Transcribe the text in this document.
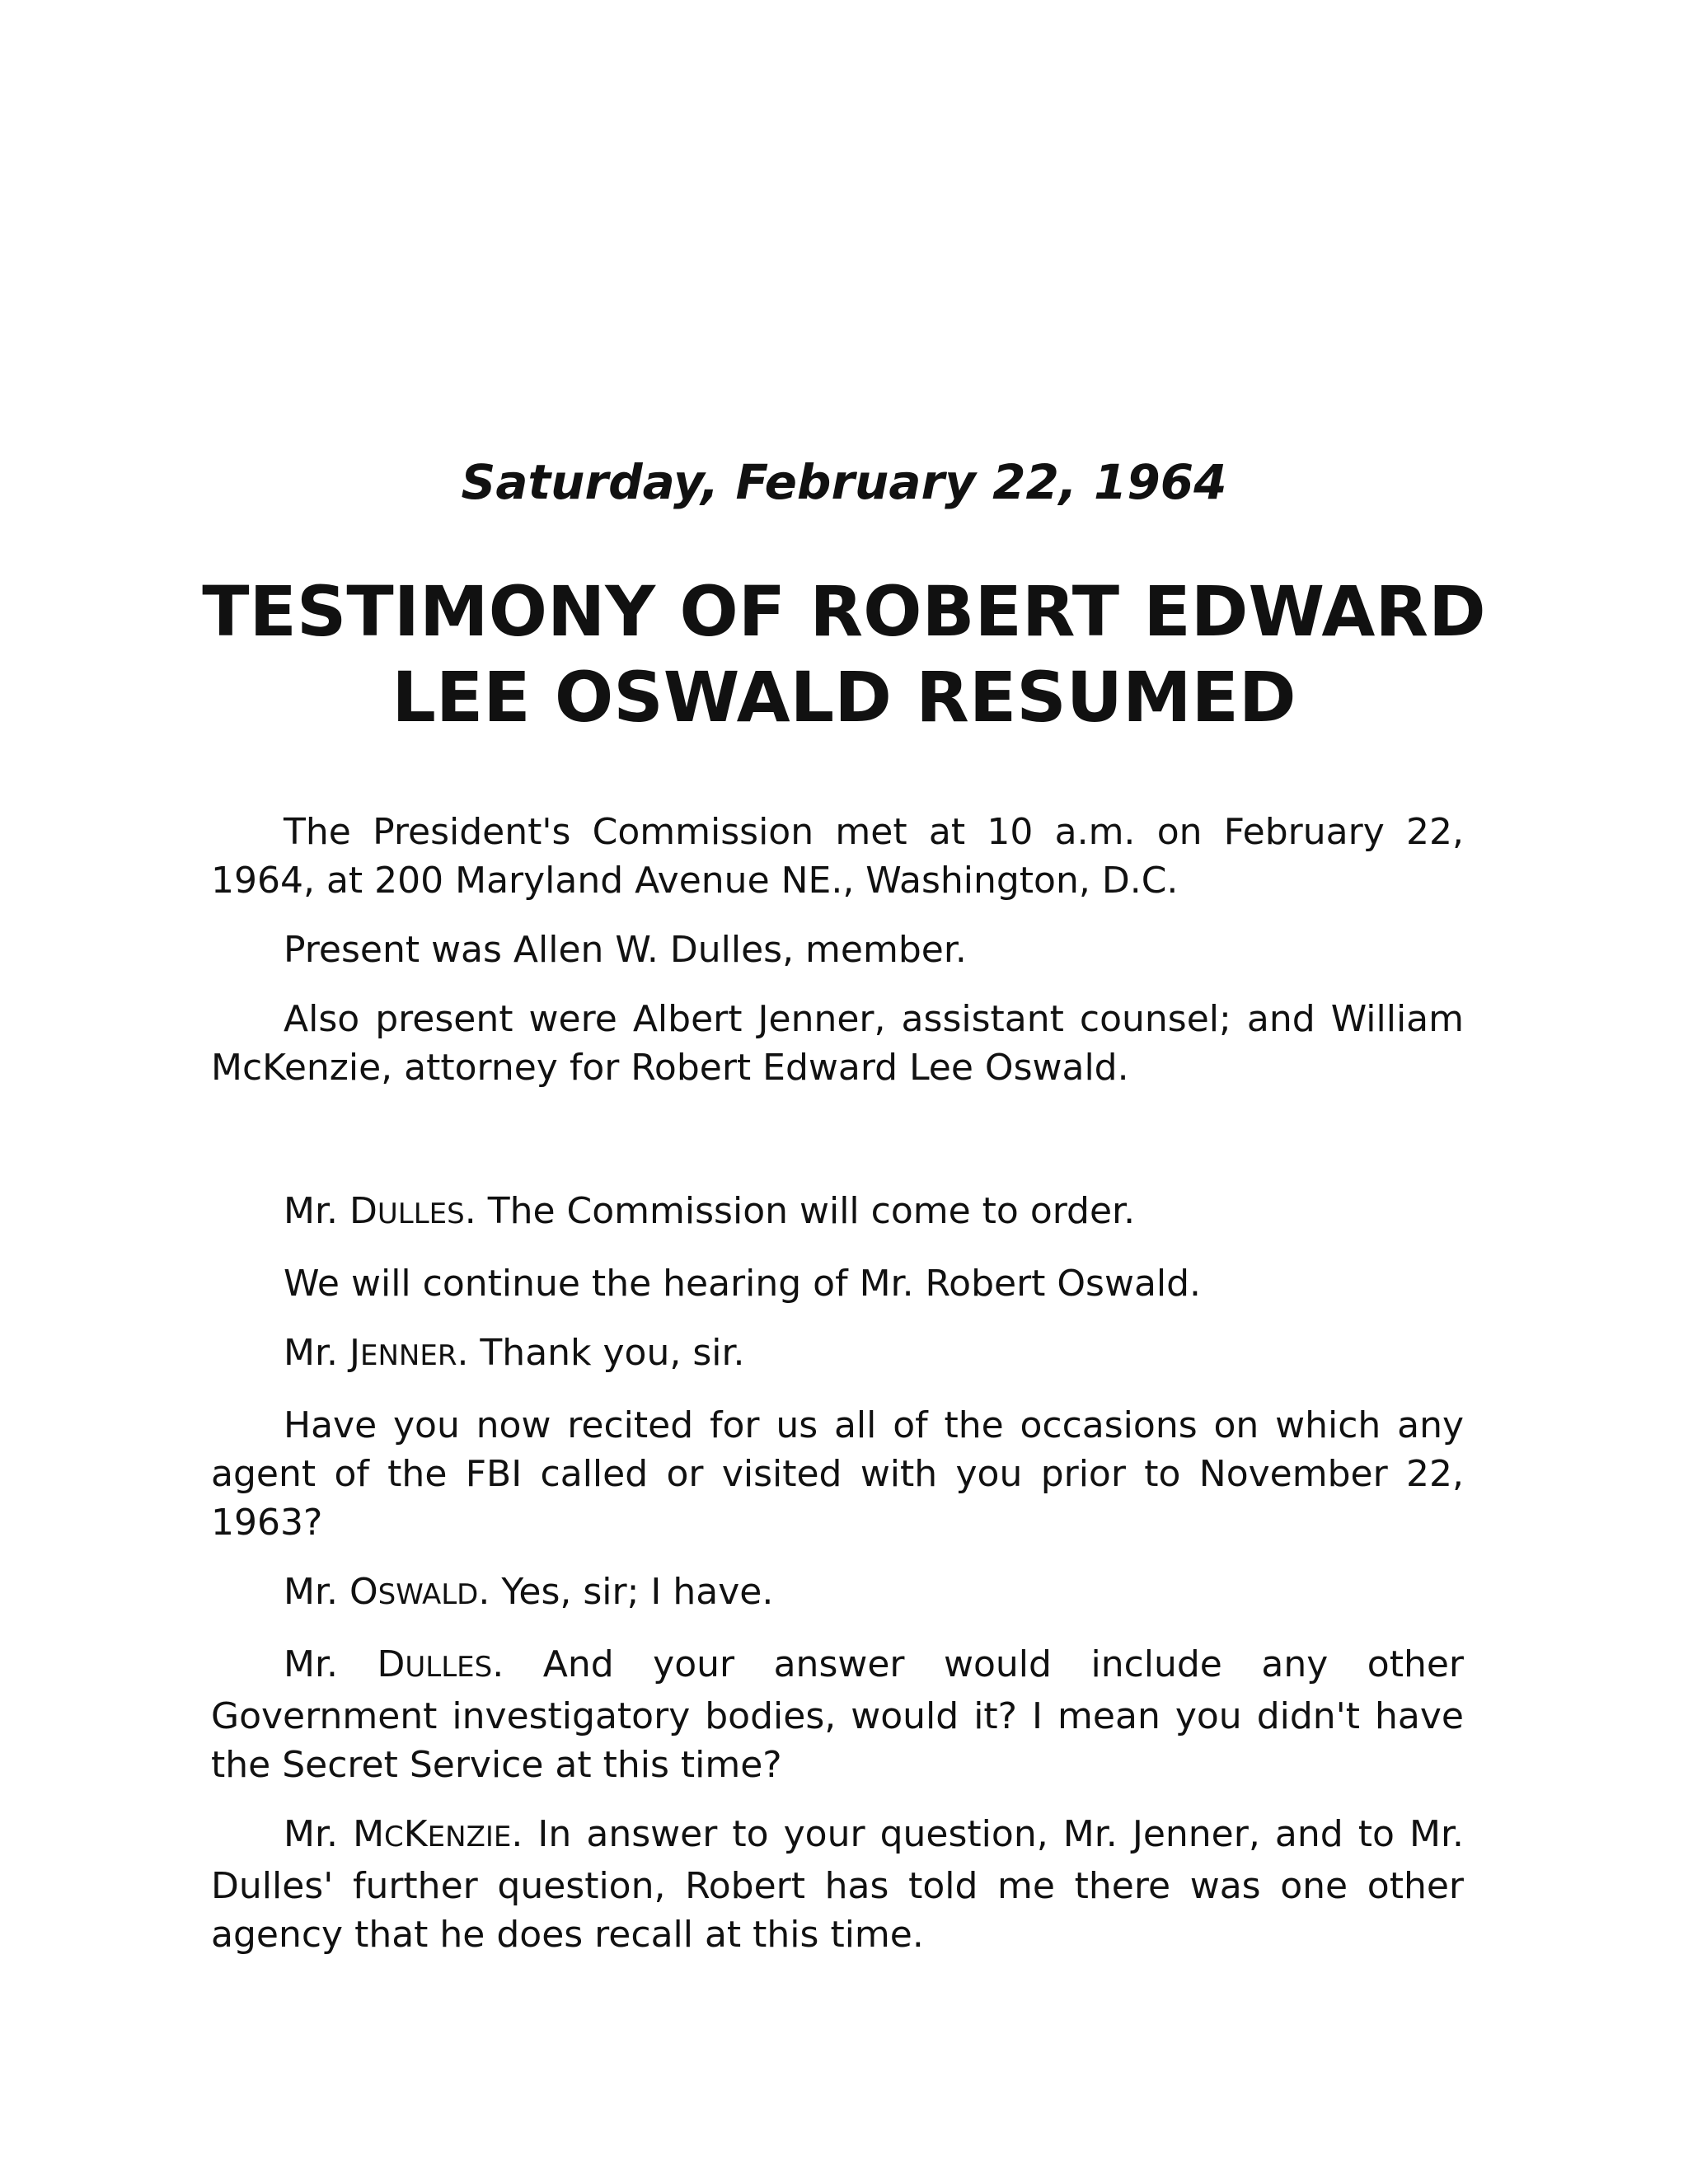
Saturday, February 22, 1964
TESTIMONY OF ROBERT EDWARD
LEE OSWALD RESUMED

The President's Commission met at 10 a.m. on February 22, 1964, at 200 Maryland Avenue NE., Washington, D.C.

Present was Allen W. Dulles, member.

Also present were Albert Jenner, assistant counsel; and William McKenzie, attorney for Robert Edward Lee Oswald.

Mr. DULLES. The Commission will come to order.

We will continue the hearing of Mr. Robert Oswald.

Mr. JENNER. Thank you, sir.

Have you now recited for us all of the occasions on which any agent of the FBI called or visited with you prior to November 22, 1963?

Mr. OSWALD. Yes, sir; I have.

Mr. DULLES. And your answer would include any other Government investigatory bodies, would it? I mean you didn't have the Secret Service at this time?

Mr. MCKENZIE. In answer to your question, Mr. Jenner, and to Mr. Dulles' further question, Robert has told me there was one other agency that he does recall at this time.
